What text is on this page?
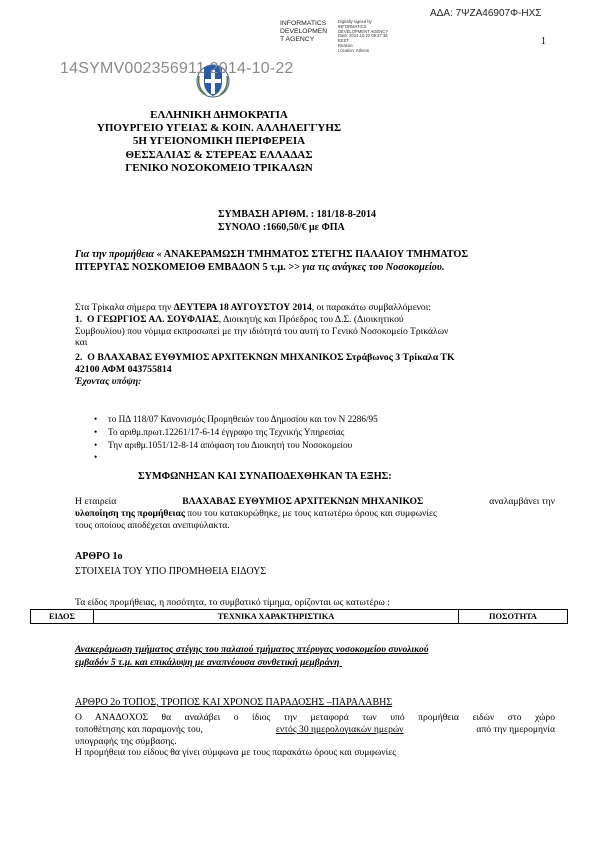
ΑΔΑ: 7ΨΖΑ46907Φ-ΗΧΣ
1
INFORMATICS
DEVELOPMEN
T AGENCY
Digitally signed by
INFORMATICS
DEVELOPMENT AGENCY
Date: 2014.10.22 09:27:36
EEST
Reason:
Location: Athens
14SYMV002356911 2014-10-22
ΕΛΛΗΝΙΚΗ ΔΗΜΟΚΡΑΤΙΑ
ΥΠΟΥΡΓΕΙΟ ΥΓΕΙΑΣ & ΚΟΙΝ. ΑΛΛΗΛΕΓΓΥΗΣ
5Η ΥΓΕΙΟΝΟΜΙΚΗ ΠΕΡΙΦΕΡΕΙΑ
ΘΕΣΣΑΛΙΑΣ & ΣΤΕΡΕΑΣ ΕΛΛΑΔΑΣ
ΓΕΝΙΚΟ ΝΟΣΟΚΟΜΕΙΟ ΤΡΙΚΑΛΩΝ
ΣΥΜΒΑΣΗ ΑΡΙΘΜ. : 181/18-8-2014
ΣΥΝΟΛΟ :1660,50/€ με ΦΠΑ
Για την προμήθεια « ΑΝΑΚΕΡΑΜΩΣΗ ΤΜΗΜΑΤΟΣ ΣΤΕΓΗΣ ΠΑΛΑΙΟΥ ΤΜΗΜΑΤΟΣ
ΠΤΕΡΥΓΑΣ ΝΟΣΚΟΜΕΙΟΘ ΕΜΒΑΔΟΝ 5 τ.μ. >> για τις ανάγκες του Νοσοκομείου.
Στα Τρίκαλα σήμερα την ΔΕΥΤΕΡΑ 18 ΑΥΓΟΥΣΤΟΥ 2014, οι παρακάτω συμβαλλόμενοι:
1. Ο ΓΕΩΡΓΙΟΣ ΑΛ. ΣΟΥΦΛΙΑΣ, Διοικητής και Πρόεδρος του Δ.Σ. (Διοικητικού
Συμβουλίου) που νόμιμα εκπροσωπεί με την ιδιότητά του αυτή το Γενικό Νοσοκομείο Τρικάλων
και
2. Ο ΒΛΑΧΑΒΑΣ ΕΥΘΥΜΙΟΣ ΑΡΧΙΤΕΚΝΩΝ ΜΗΧΑΝΙΚΟΣ Στράβωνος 3 Τρίκαλα ΤΚ
42100 ΑΦΜ 043755814
Έχοντας υπόψη:
• το ΠΔ 118/07 Κανονισμός Προμηθειών του Δημοσίου και τον Ν 2286/95
• Το αριθμ.πρωτ.12261/17-6-14 έγγραφο της Τεχνικής Υπηρεσίας
• Την αριθμ.1051/12-8-14 απόφαση του Διοικητή του Νοσοκομείου
•
ΣΥΜΦΩΝΗΣΑΝ ΚΑΙ ΣΥΝΑΠΟΔΕΧΘΗΚΑΝ ΤΑ ΕΞΗΣ:
Η εταιρεία	ΒΛΑΧΑΒΑΣ ΕΥΘΥΜΙΟΣ ΑΡΧΙΤΕΚΝΩΝ ΜΗΧΑΝΙΚΟΣ	αναλαμβάνει την
υλοποίηση της προμήθειας που του κατακυρώθηκε, με τους κατωτέρω όρους και συμφωνίες
τους οποίους αποδέχεται ανεπιφύλακτα.
ΑΡΘΡΟ 1ο
ΣΤΟΙΧΕΙΑ ΤΟΥ ΥΠΟ ΠΡΟΜΗΘΕΙΑ ΕΙΔΟΥΣ
Τα είδος προμήθειας, η ποσότητα, το συμβατικό τίμημα, ορίζονται ως κατωτέρω :
ΕΙΔΟΣ	ΤΕΧΝΙΚΑ ΧΑΡΑΚΤΗΡΙΣΤΙΚΑ	ΠΟΣΟΤΗΤΑ
Ανακεράμωση τμήματος στέγης του παλαιού τμήματος πτέρυγας νοσοκομείου συνολικού
εμβαδόν 5 τ.μ. και επικάλυψη με αναπνέουσα συνθετική μεμβράνη

ΑΡΘΡΟ 2ο ΤΟΠΟΣ, ΤΡΟΠΟΣ ΚΑΙ ΧΡΟΝΟΣ ΠΑΡΑΔΟΣΗΣ –ΠΑΡΑΛΑΒΗΣ
Ο ΑΝΑΔΟΧΟΣ θα αναλάβει ο ίδιος την μεταφορά των υπό προμήθεια ειδών στο χώρο
τοποθέτησης και παραμονής του,	εντός 30 ημερολογιακών ημερών	από την ημερομηνία
υπογραφής της σύμβασης.
Η προμήθεια του είδους θα γίνει σύμφωνα με τους παρακάτω όρους και συμφωνίες
